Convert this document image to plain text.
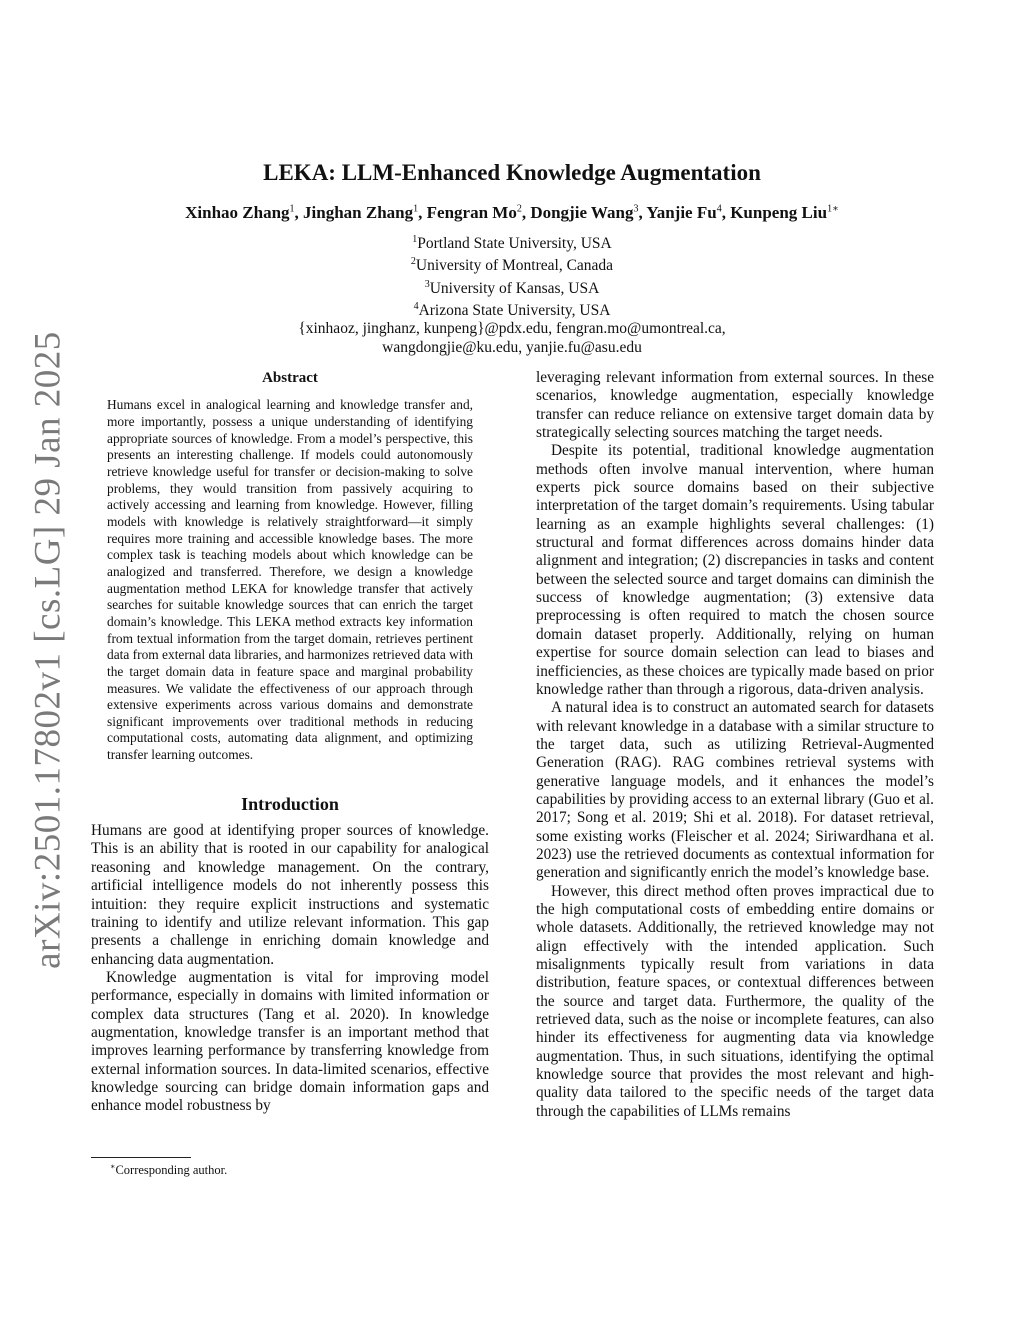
arXiv:2501.17802v1 [cs.LG] 29 Jan 2025
LEKA: LLM-Enhanced Knowledge Augmentation
Xinhao Zhang$^1$, Jinghan Zhang$^1$, Fengran Mo$^2$, Dongjie Wang$^3$, Yanjie Fu$^4$, Kunpeng Liu$^{1∗}$
$^1$Portland State University, USA
$^2$University of Montreal, Canada
$^3$University of Kansas, USA
$^4$Arizona State University, USA
{xinhaoz, jinghanz, kunpeng}@pdx.edu, fengran.mo@umontreal.ca,
wangdongjie@ku.edu, yanjie.fu@asu.edu
Abstract
Humans excel in analogical learning and knowledge transfer and, more importantly, possess a unique understanding of identifying appropriate sources of knowledge. From a model’s perspective, this presents an interesting challenge. If models could autonomously retrieve knowledge useful for transfer or decision-making to solve problems, they would transition from passively acquiring to actively accessing and learning from knowledge. However, filling models with knowledge is relatively straightforward—it simply requires more training and accessible knowledge bases. The more complex task is teaching models about which knowledge can be analogized and transferred. Therefore, we design a knowledge augmentation method LEKA for knowledge transfer that actively searches for suitable knowledge sources that can enrich the target domain’s knowledge. This LEKA method extracts key information from textual information from the target domain, retrieves pertinent data from external data libraries, and harmonizes retrieved data with the target domain data in feature space and marginal probability measures. We validate the effectiveness of our approach through extensive experiments across various domains and demonstrate significant improvements over traditional methods in reducing computational costs, automating data alignment, and optimizing transfer learning outcomes.
Introduction

Humans are good at identifying proper sources of knowledge. This is an ability that is rooted in our capability for analogical reasoning and knowledge management. On the contrary, artificial intelligence models do not inherently possess this intuition: they require explicit instructions and systematic training to identify and utilize relevant information. This gap presents a challenge in enriching domain knowledge and enhancing data augmentation.

Knowledge augmentation is vital for improving model performance, especially in domains with limited information or complex data structures (Tang et al. 2020). In knowledge augmentation, knowledge transfer is an important method that improves learning performance by transferring knowledge from external information sources. In data-limited scenarios, effective knowledge sourcing can bridge domain information gaps and enhance model robustness by

leveraging relevant information from external sources. In these scenarios, knowledge augmentation, especially knowledge transfer can reduce reliance on extensive target domain data by strategically selecting sources matching the target needs.

Despite its potential, traditional knowledge augmentation methods often involve manual intervention, where human experts pick source domains based on their subjective interpretation of the target domain’s requirements. Using tabular learning as an example highlights several challenges: (1) structural and format differences across domains hinder data alignment and integration; (2) discrepancies in tasks and content between the selected source and target domains can diminish the success of knowledge augmentation; (3) extensive data preprocessing is often required to match the chosen source domain dataset properly. Additionally, relying on human expertise for source domain selection can lead to biases and inefficiencies, as these choices are typically made based on prior knowledge rather than through a rigorous, data-driven analysis.

A natural idea is to construct an automated search for datasets with relevant knowledge in a database with a similar structure to the target data, such as utilizing Retrieval-Augmented Generation (RAG). RAG combines retrieval systems with generative language models, and it enhances the model’s capabilities by providing access to an external library (Guo et al. 2017; Song et al. 2019; Shi et al. 2018). For dataset retrieval, some existing works (Fleischer et al. 2024; Siriwardhana et al. 2023) use the retrieved documents as contextual information for generation and significantly enrich the model’s knowledge base.

However, this direct method often proves impractical due to the high computational costs of embedding entire domains or whole datasets. Additionally, the retrieved knowledge may not align effectively with the intended application. Such misalignments typically result from variations in data distribution, feature spaces, or contextual differences between the source and target data. Furthermore, the quality of the retrieved data, such as the noise or incomplete features, can also hinder its effectiveness for augmenting data via knowledge augmentation. Thus, in such situations, identifying the optimal knowledge source that provides the most relevant and high-quality data tailored to the specific needs of the target data through the capabilities of LLMs remains

∗Corresponding author.
